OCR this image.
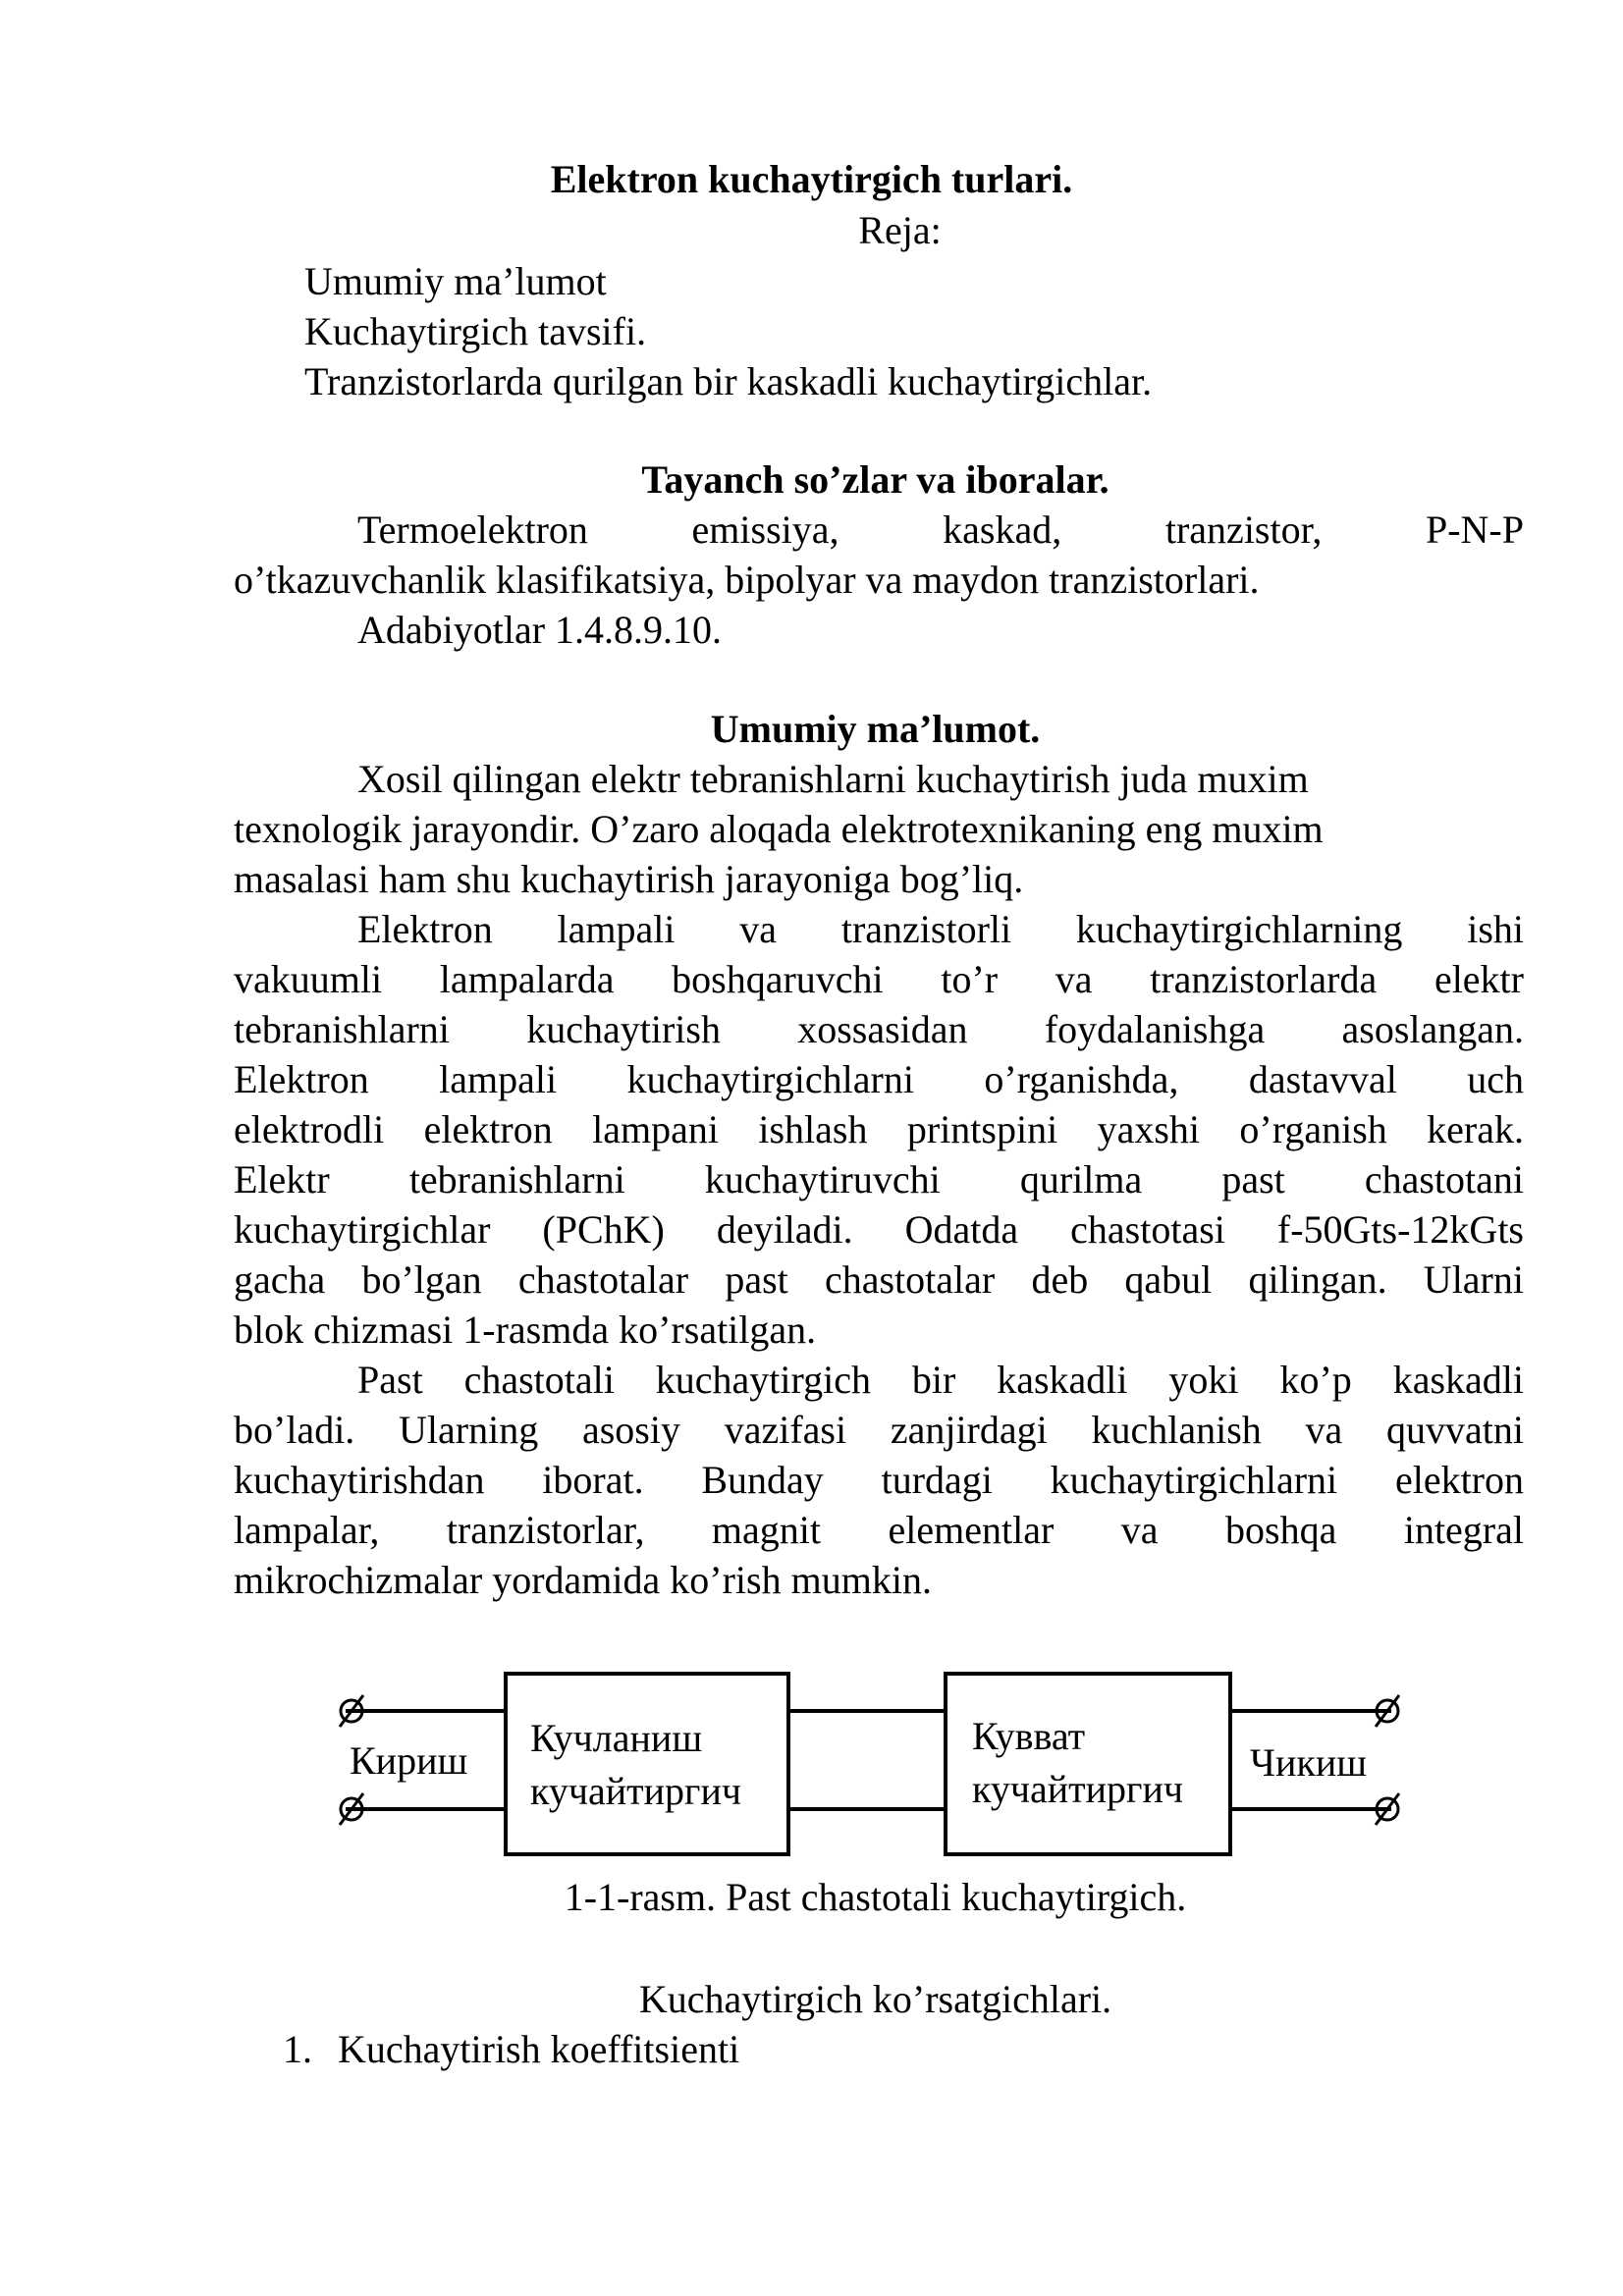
Elektron kuchaytirgich turlari.
Reja:
Umumiy ma’lumot
Kuchaytirgich tavsifi.
Tranzistorlarda qurilgan bir kaskadli kuchaytirgichlar.
Tayanch so’zlar va iboralar.
Termoelektron emissiya, kaskad, tranzistor, P-N-P
o’tkazuvchanlik klasifikatsiya, bipolyar va maydon tranzistorlari.
Adabiyotlar 1.4.8.9.10.
Umumiy ma’lumot.
Xosil qilingan elektr tebranishlarni kuchaytirish juda muxim
texnologik jarayondir. O’zaro aloqada elektrotexnikaning eng muxim
masalasi ham shu kuchaytirish jarayoniga bog’liq.
Elektron lampali va tranzistorli kuchaytirgichlarning ishi
vakuumli lampalarda boshqaruvchi to’r va tranzistorlarda elektr
tebranishlarni kuchaytirish xossasidan foydalanishga asoslangan.
Elektron lampali kuchaytirgichlarni o’rganishda, dastavval uch
elektrodli elektron lampani ishlash printspini yaxshi o’rganish kerak.
Elektr tebranishlarni kuchaytiruvchi qurilma past chastotani
kuchaytirgichlar (PChK) deyiladi. Odatda chastotasi f-50Gts-12kGts
gacha bo’lgan chastotalar past chastotalar deb qabul qilingan. Ularni
blok chizmasi 1-rasmda ko’rsatilgan.
Past chastotali kuchaytirgich bir kaskadli yoki ko’p kaskadli
bo’ladi. Ularning asosiy vazifasi zanjirdagi kuchlanish va quvvatni
kuchaytirishdan iborat. Bunday turdagi kuchaytirgichlarni elektron
lampalar, tranzistorlar, magnit elementlar va boshqa integral
mikrochizmalar yordamida ko’rish mumkin.
Кириш
Кучланиш
кучайтиргич
Кувват
кучайтиргич
Чикиш
1-1-rasm. Past chastotali kuchaytirgich.
Kuchaytirgich ko’rsatgichlari.
1. Kuchaytirish koeffitsienti
